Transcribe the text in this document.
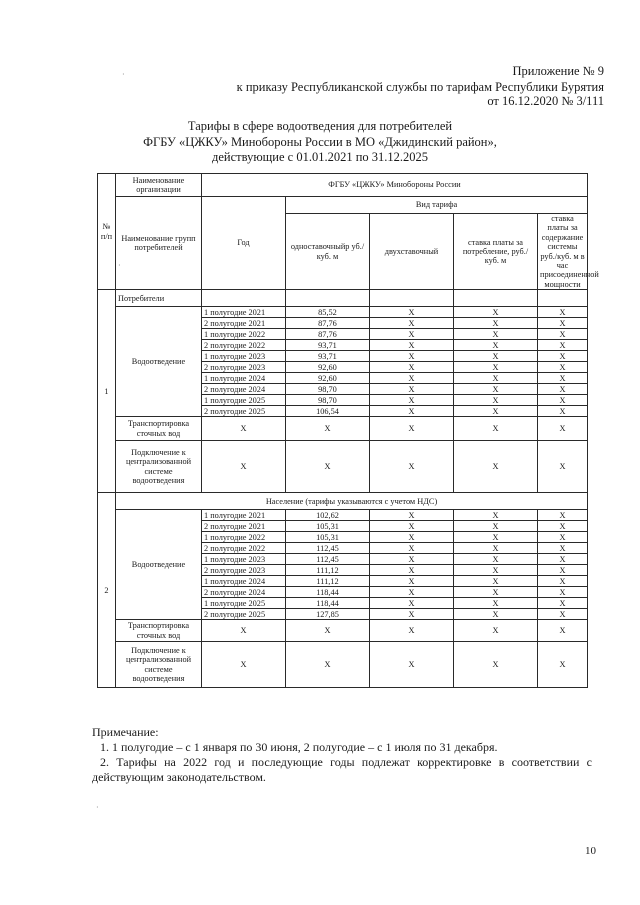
Приложение № 9
к приказу Республиканской службы по тарифам Республики Бурятия
от 16.12.2020 № 3/111
Тарифы в сфере водоотведения для потребителей
ФГБУ «ЦЖКУ» Минобороны России в МО «Джидинский район»,
действующие с 01.01.2021 по 31.12.2025
№ п/п	Наименование организации	ФГБУ «ЦЖКУ» Минобороны России				
	Наименование групп потребителей	Год	Вид тарифа			
			одноставочныйр уб./ куб. м	двухставочный	ставка платы за потребление, руб./ куб. м	ставка платы за содержание системы руб./куб. м в час присоединенной мощности
1	Потребители					
	Водоотведение	1 полугодие 2021	85,52	X	X	X
		2 полугодие 2021	87,76	X	X	X
		1 полугодие 2022	87,76	X	X	X
		2 полугодие 2022	93,71	X	X	X
		1 полугодие 2023	93,71	X	X	X
		2 полугодие 2023	92,60	X	X	X
		1 полугодие 2024	92,60	X	X	X
		2 полугодие 2024	98,70	X	X	X
		1 полугодие 2025	98,70	X	X	X
		2 полугодие 2025	106,54	X	X	X
	Транспортировка сточных вод	X	X	X	X	X
	Подключение к централизованной системе водоотведения	X	X	X	X	X
2	Население (тарифы указываются с учетом НДС)					
	Водоотведение	1 полугодие 2021	102,62	X	X	X
		2 полугодие 2021	105,31	X	X	X
		1 полугодие 2022	105,31	X	X	X
		2 полугодие 2022	112,45	X	X	X
		1 полугодие 2023	112,45	X	X	X
		2 полугодие 2023	111,12	X	X	X
		1 полугодие 2024	111,12	X	X	X
		2 полугодие 2024	118,44	X	X	X
		1 полугодие 2025	118,44	X	X	X
		2 полугодие 2025	127,85	X	X	X
	Транспортировка сточных вод	X	X	X	X	X
	Подключение к централизованной системе водоотведения	X	X	X	X	X

Примечание:

1. 1 полугодие – с 1 января по 30 июня, 2 полугодие – с 1 июля по 31 декабря.

2. Тарифы на 2022 год и последующие годы подлежат корректировке в соответствии с действующим законодательством.

10
·
·
·
